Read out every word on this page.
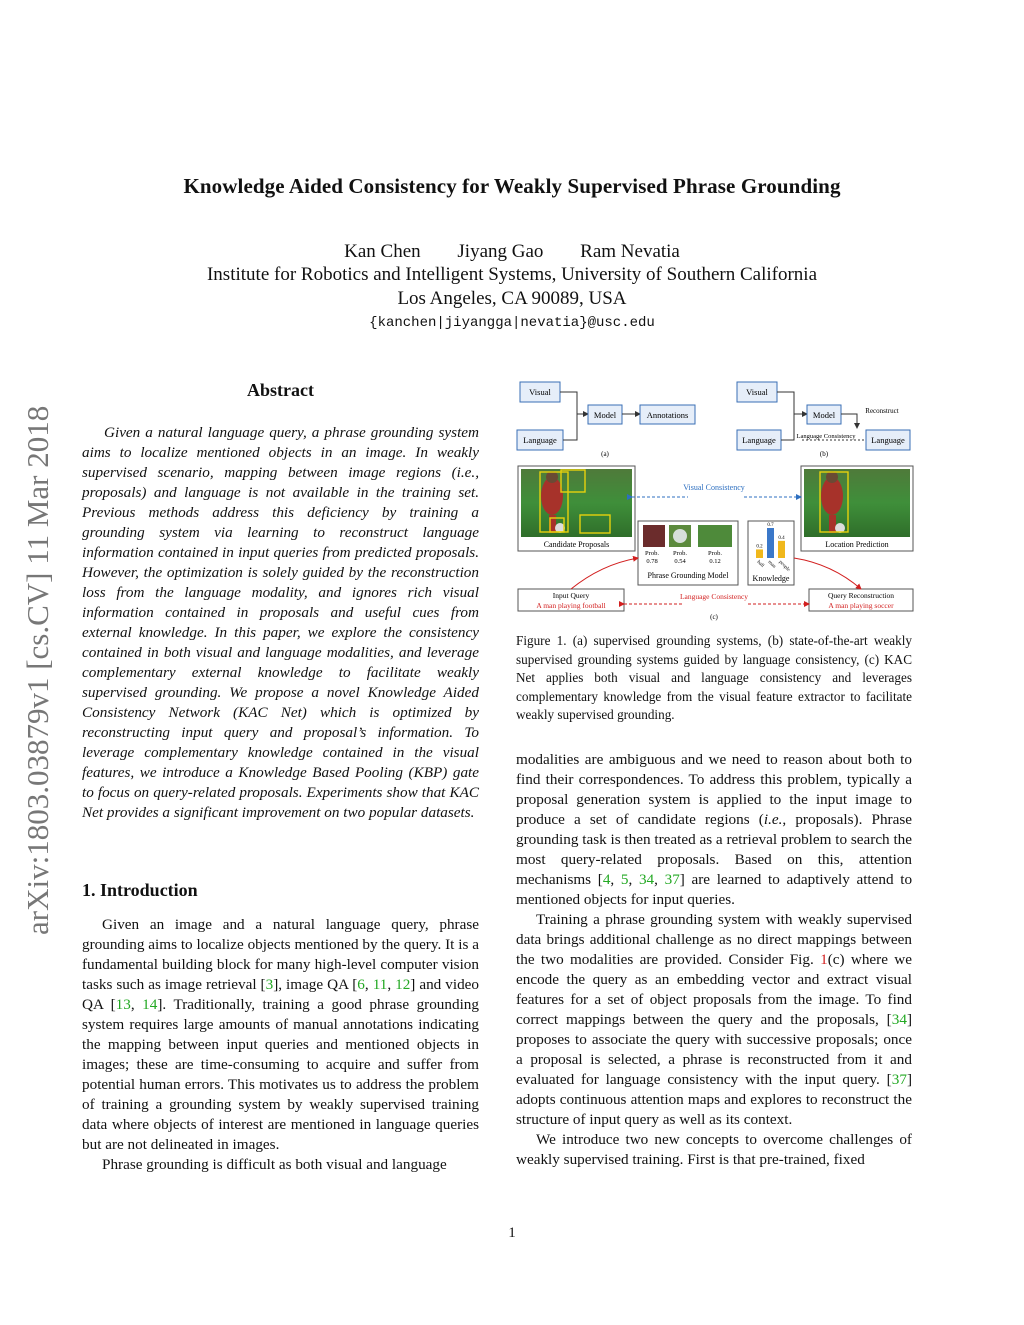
arXiv:1803.03879v1 [cs.CV] 11 Mar 2018
Knowledge Aided Consistency for Weakly Supervised Phrase Grounding
Kan Chen Jiyang Gao Ram Nevatia
Institute for Robotics and Intelligent Systems, University of Southern California
Los Angeles, CA 90089, USA
{kanchen|jiyangga|nevatia}@usc.edu
Abstract

Given a natural language query, a phrase grounding system aims to localize mentioned objects in an image. In weakly supervised scenario, mapping between image regions (i.e., proposals) and language is not available in the training set. Previous methods address this deficiency by training a grounding system via learning to reconstruct language information contained in input queries from predicted proposals. However, the optimization is solely guided by the reconstruction loss from the language modality, and ignores rich visual information contained in proposals and useful cues from external knowledge. In this paper, we explore the consistency contained in both visual and language modalities, and leverage complementary external knowledge to facilitate weakly supervised grounding. We propose a novel Knowledge Aided Consistency Network (KAC Net) which is optimized by reconstructing input query and proposal’s information. To leverage complementary knowledge contained in the visual features, we introduce a Knowledge Based Pooling (KBP) gate to focus on query-related proposals. Experiments show that KAC Net provides a significant improvement on two popular datasets.

1. Introduction

Given an image and a natural language query, phrase grounding aims to localize objects mentioned by the query. It is a fundamental building block for many high-level computer vision tasks such as image retrieval [3], image QA [6, 11, 12] and video QA [13, 14]. Traditionally, training a good phrase grounding system requires large amounts of manual annotations indicating the mapping between input queries and mentioned objects in images; these are time-consuming to acquire and suffer from potential human errors. This motivates us to address the problem of training a grounding system by weakly supervised training data where objects of interest are mentioned in language queries but are not delineated in images.

Phrase grounding is difficult as both visual and language

Visual
Language
Model	Annotations
(a)
Visual
Language
Model	Reconstruct
Language
Language Consistency
(b)
Candidate Proposals	Location Prediction
Visual Consistency
Prob.
0.78
Prob.
0.54
Prob.
0.12
Phrase Grounding Model
0.2
ball
0.7
man
0.4
people
Knowledge
Input Query
A man playing football
Query Reconstruction
A man playing soccer
Language Consistency
(c)
Figure 1. (a) supervised grounding systems, (b) state-of-the-art weakly supervised grounding systems guided by language consistency, (c) KAC Net applies both visual and language consistency and leverages complementary knowledge from the visual feature extractor to facilitate weakly supervised grounding.

modalities are ambiguous and we need to reason about both to find their correspondences. To address this problem, typically a proposal generation system is applied to the input image to produce a set of candidate regions (i.e., proposals). Phrase grounding task is then treated as a retrieval problem to search the most query-related proposals. Based on this, attention mechanisms [4, 5, 34, 37] are learned to adaptively attend to mentioned objects for input queries.

Training a phrase grounding system with weakly supervised data brings additional challenge as no direct mappings between the two modalities are provided. Consider Fig. 1(c) where we encode the query as an embedding vector and extract visual features for a set of object proposals from the image. To find correct mappings between the query and the proposals, [34] proposes to associate the query with successive proposals; once a proposal is selected, a phrase is reconstructed from it and evaluated for language consistency with the input query. [37] adopts continuous attention maps and explores to reconstruct the structure of input query as well as its context.

We introduce two new concepts to overcome challenges of weakly supervised training. First is that pre-trained, fixed

1
